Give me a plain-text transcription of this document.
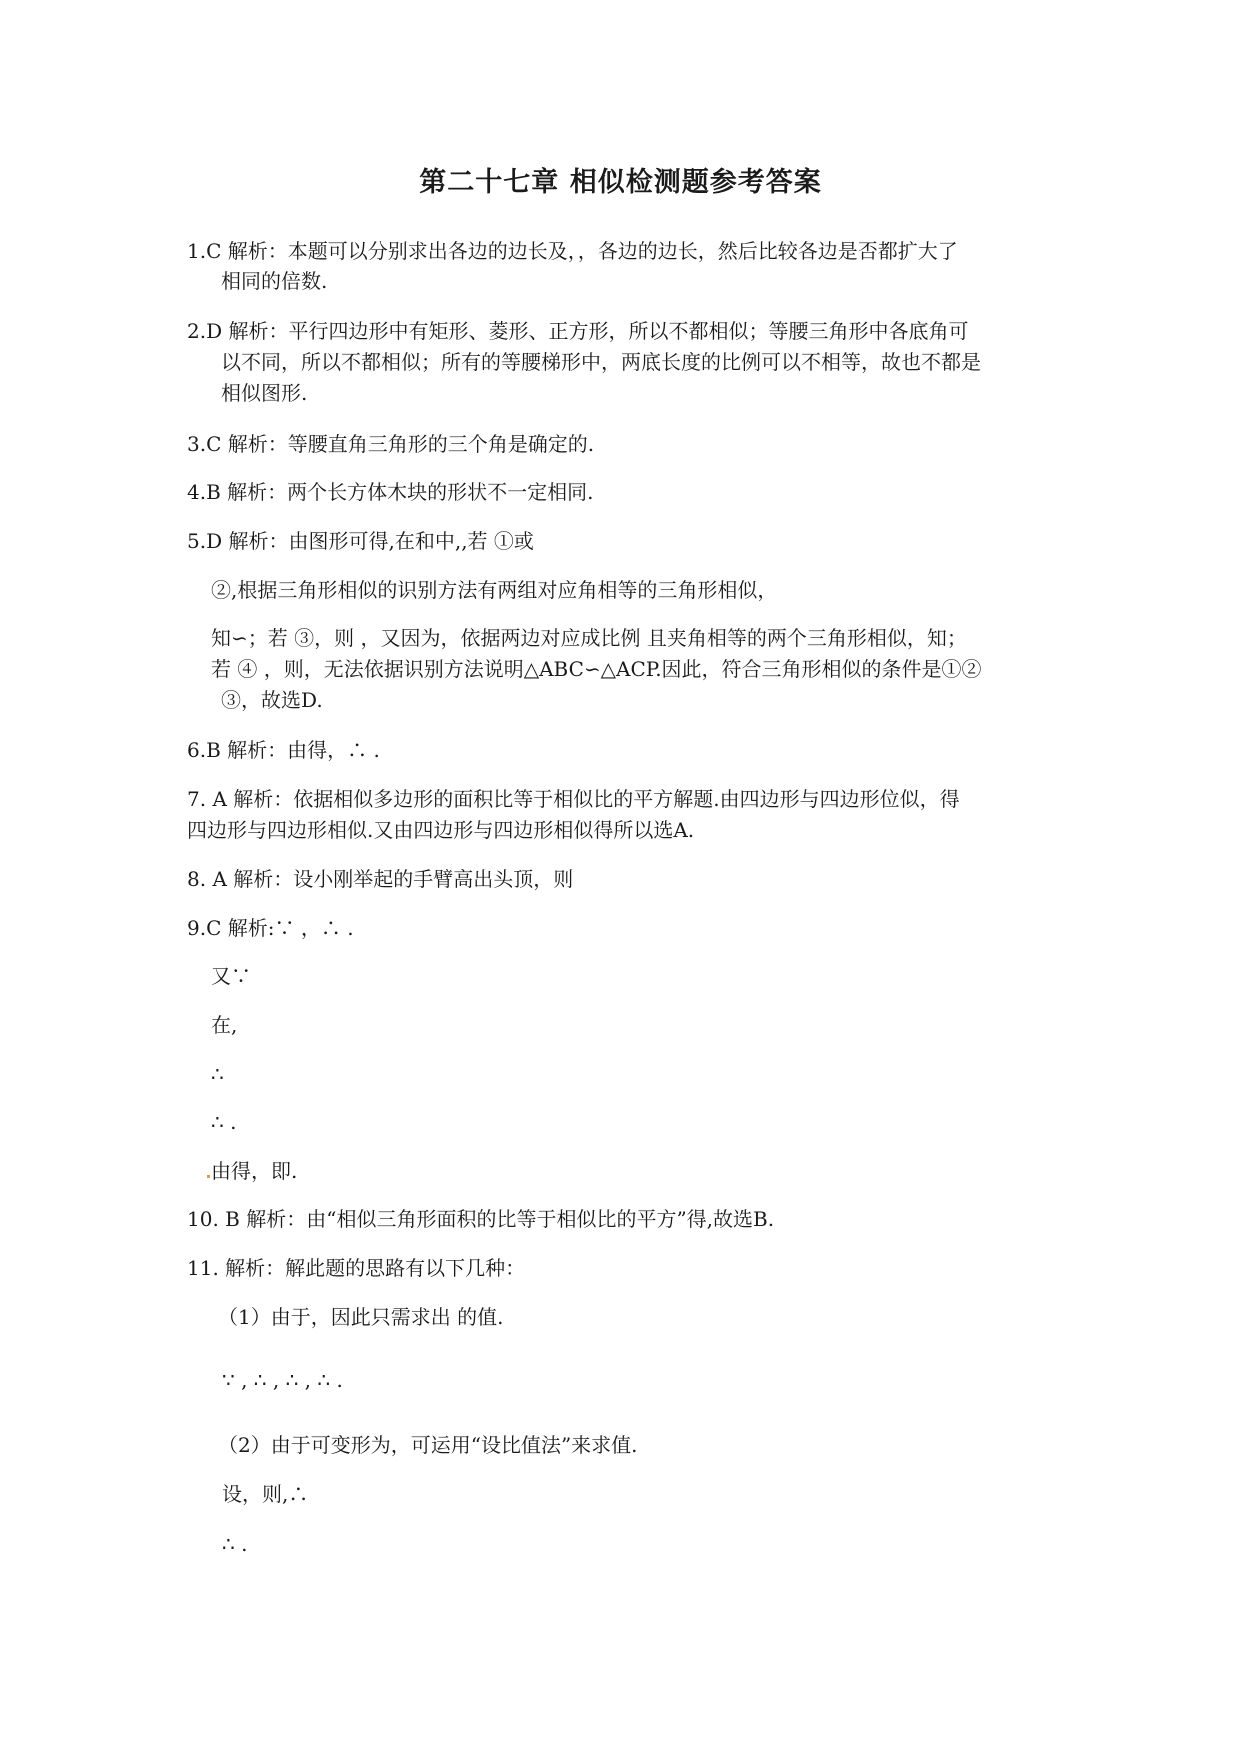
第二十七章 相似检测题参考答案
1.C 解析：本题可以分别求出各边的边长及，，各边的边长，然后比较各边是否都扩大了
相同的倍数.
2.D 解析：平行四边形中有矩形、菱形、正方形，所以不都相似；等腰三角形中各底角可
以不同，所以不都相似；所有的等腰梯形中，两底长度的比例可以不相等，故也不都是
相似图形.
3.C 解析：等腰直角三角形的三个角是确定的.
4.B 解析：两个长方体木块的形状不一定相同.
5.D 解析：由图形可得,在和中,,若 ①或
②,根据三角形相似的识别方法有两组对应角相等的三角形相似，
知∽；若 ③，则 ，又因为，依据两边对应成比例 且夹角相等的两个三角形相似，知；
若 ④ ，则，无法依据识别方法说明△ABC∽△ACP.因此，符合三角形相似的条件是①②
③，故选D.
6.B 解析：由得，∴ .
7. A 解析：依据相似多边形的面积比等于相似比的平方解题.由四边形与四边形位似，得
四边形与四边形相似.又由四边形与四边形相似得所以选A.
8. A 解析：设小刚举起的手臂高出头顶，则
9.C 解析:∵ ，∴ .
又∵
在,
∴
∴ .
由得，即.
10. B 解析：由“相似三角形面积的比等于相似比的平方”得,故选B.
11. 解析：解此题的思路有以下几种：
（1）由于，因此只需求出 的值.
∵ , ∴ , ∴ , ∴ .
（2）由于可变形为，可运用“设比值法”来求值.
设，则,∴
∴ .
